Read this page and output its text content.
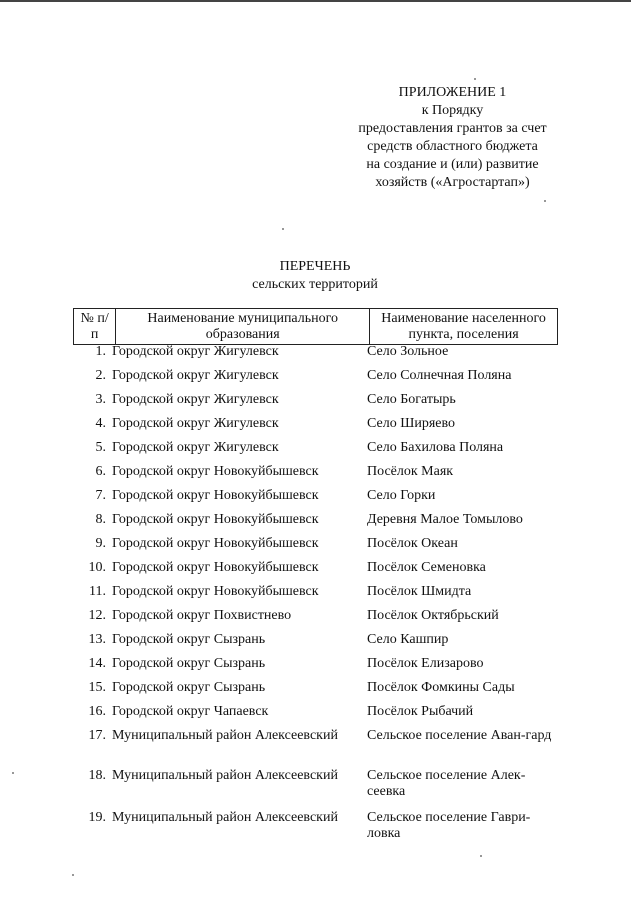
ПРИЛОЖЕНИЕ 1
к Порядку
предоставления грантов за счет
средств областного бюджета
на создание и (или) развитие
хозяйств («Агростартап»)
ПЕРЕЧЕНЬ
сельских территорий
№ п/п	Наименование муниципального образования	Наименование населенного пункта, поселения
1. Городской округ Жигулевск	Село Зольное
2. Городской округ Жигулевск	Село Солнечная Поляна
3. Городской округ Жигулевск	Село Богатырь
4. Городской округ Жигулевск	Село Ширяево
5. Городской округ Жигулевск	Село Бахилова Поляна
6. Городской округ Новокуйбышевск	Посёлок Маяк
7. Городской округ Новокуйбышевск	Село Горки
8. Городской округ Новокуйбышевск	Деревня Малое Томылово
9. Городской округ Новокуйбышевск	Посёлок Океан
10. Городской округ Новокуйбышевск	Посёлок Семеновка
11. Городской округ Новокуйбышевск	Посёлок Шмидта
12. Городской округ Похвистнево	Посёлок Октябрьский
13. Городской округ Сызрань	Село Кашпир
14. Городской округ Сызрань	Посёлок Елизарово
15. Городской округ Сызрань	Посёлок Фомкины Сады
16. Городской округ Чапаевск	Посёлок Рыбачий
17. Муниципальный район Алексеевский	Сельское поселение Аван-гард
18. Муниципальный район Алексеевский	Сельское поселение Алек-сеевка
19. Муниципальный район Алексеевский	Сельское поселение Гаври-ловка
